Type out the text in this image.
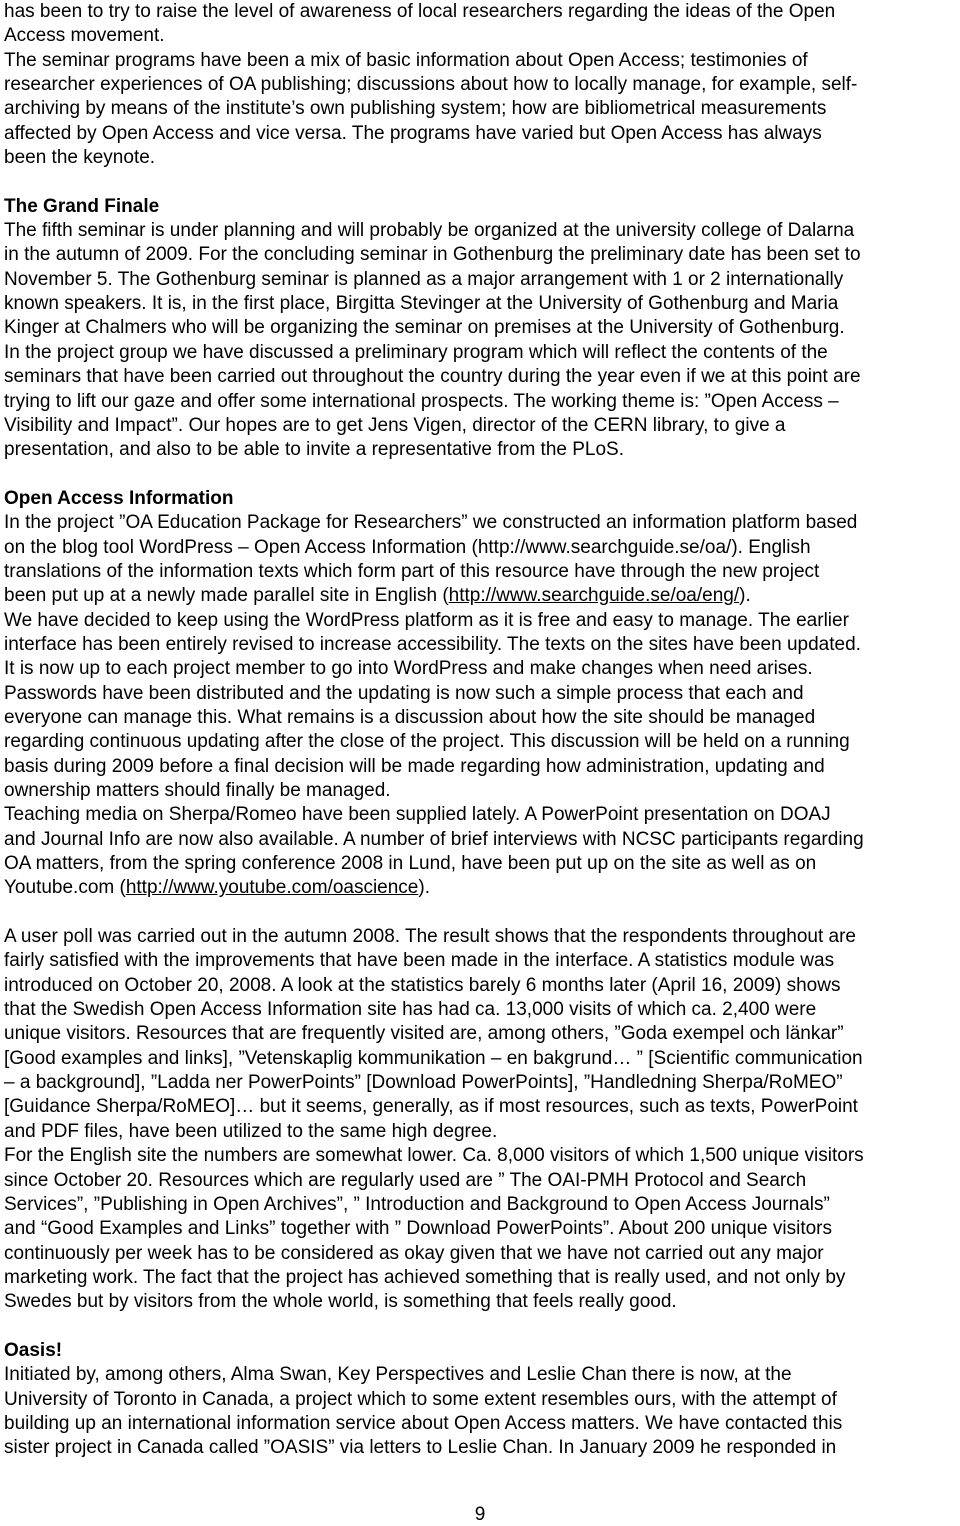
has been to try to raise the level of awareness of local researchers regarding the ideas of the Open
Access movement.
The seminar programs have been a mix of basic information about Open Access; testimonies of
researcher experiences of OA publishing; discussions about how to locally manage, for example, self-
archiving by means of the institute’s own publishing system; how are bibliometrical measurements
affected by Open Access and vice versa. The programs have varied but Open Access has always
been the keynote.
The Grand Finale
The fifth seminar is under planning and will probably be organized at the university college of Dalarna
in the autumn of 2009. For the concluding seminar in Gothenburg the preliminary date has been set to
November 5. The Gothenburg seminar is planned as a major arrangement with 1 or 2 internationally
known speakers. It is, in the first place, Birgitta Stevinger at the University of Gothenburg and Maria
Kinger at Chalmers who will be organizing the seminar on premises at the University of Gothenburg.
In the project group we have discussed a preliminary program which will reflect the contents of the
seminars that have been carried out throughout the country during the year even if we at this point are
trying to lift our gaze and offer some international prospects. The working theme is: ”Open Access –
Visibility and Impact”. Our hopes are to get Jens Vigen, director of the CERN library, to give a
presentation, and also to be able to invite a representative from the PLoS.
Open Access Information
In the project ”OA Education Package for Researchers” we constructed an information platform based
on the blog tool WordPress – Open Access Information (http://www.searchguide.se/oa/). English
translations of the information texts which form part of this resource have through the new project
been put up at a newly made parallel site in English (http://www.searchguide.se/oa/eng/).
We have decided to keep using the WordPress platform as it is free and easy to manage. The earlier
interface has been entirely revised to increase accessibility. The texts on the sites have been updated.
It is now up to each project member to go into WordPress and make changes when need arises.
Passwords have been distributed and the updating is now such a simple process that each and
everyone can manage this. What remains is a discussion about how the site should be managed
regarding continuous updating after the close of the project. This discussion will be held on a running
basis during 2009 before a final decision will be made regarding how administration, updating and
ownership matters should finally be managed.
Teaching media on Sherpa/Romeo have been supplied lately. A PowerPoint presentation on DOAJ
and Journal Info are now also available. A number of brief interviews with NCSC participants regarding
OA matters, from the spring conference 2008 in Lund, have been put up on the site as well as on
Youtube.com (http://www.youtube.com/oascience).
A user poll was carried out in the autumn 2008. The result shows that the respondents throughout are
fairly satisfied with the improvements that have been made in the interface. A statistics module was
introduced on October 20, 2008. A look at the statistics barely 6 months later (April 16, 2009) shows
that the Swedish Open Access Information site has had ca. 13,000 visits of which ca. 2,400 were
unique visitors. Resources that are frequently visited are, among others, ”Goda exempel och länkar”
[Good examples and links], ”Vetenskaplig kommunikation – en bakgrund… ” [Scientific communication
– a background], ”Ladda ner PowerPoints” [Download PowerPoints], ”Handledning Sherpa/RoMEO”
[Guidance Sherpa/RoMEO]… but it seems, generally, as if most resources, such as texts, PowerPoint
and PDF files, have been utilized to the same high degree.
For the English site the numbers are somewhat lower. Ca. 8,000 visitors of which 1,500 unique visitors
since October 20. Resources which are regularly used are ” The OAI-PMH Protocol and Search
Services”, ”Publishing in Open Archives”, ” Introduction and Background to Open Access Journals”
and “Good Examples and Links” together with ” Download PowerPoints”. About 200 unique visitors
continuously per week has to be considered as okay given that we have not carried out any major
marketing work. The fact that the project has achieved something that is really used, and not only by
Swedes but by visitors from the whole world, is something that feels really good.
Oasis!
Initiated by, among others, Alma Swan, Key Perspectives and Leslie Chan there is now, at the
University of Toronto in Canada, a project which to some extent resembles ours, with the attempt of
building up an international information service about Open Access matters. We have contacted this
sister project in Canada called ”OASIS” via letters to Leslie Chan. In January 2009 he responded in
9
